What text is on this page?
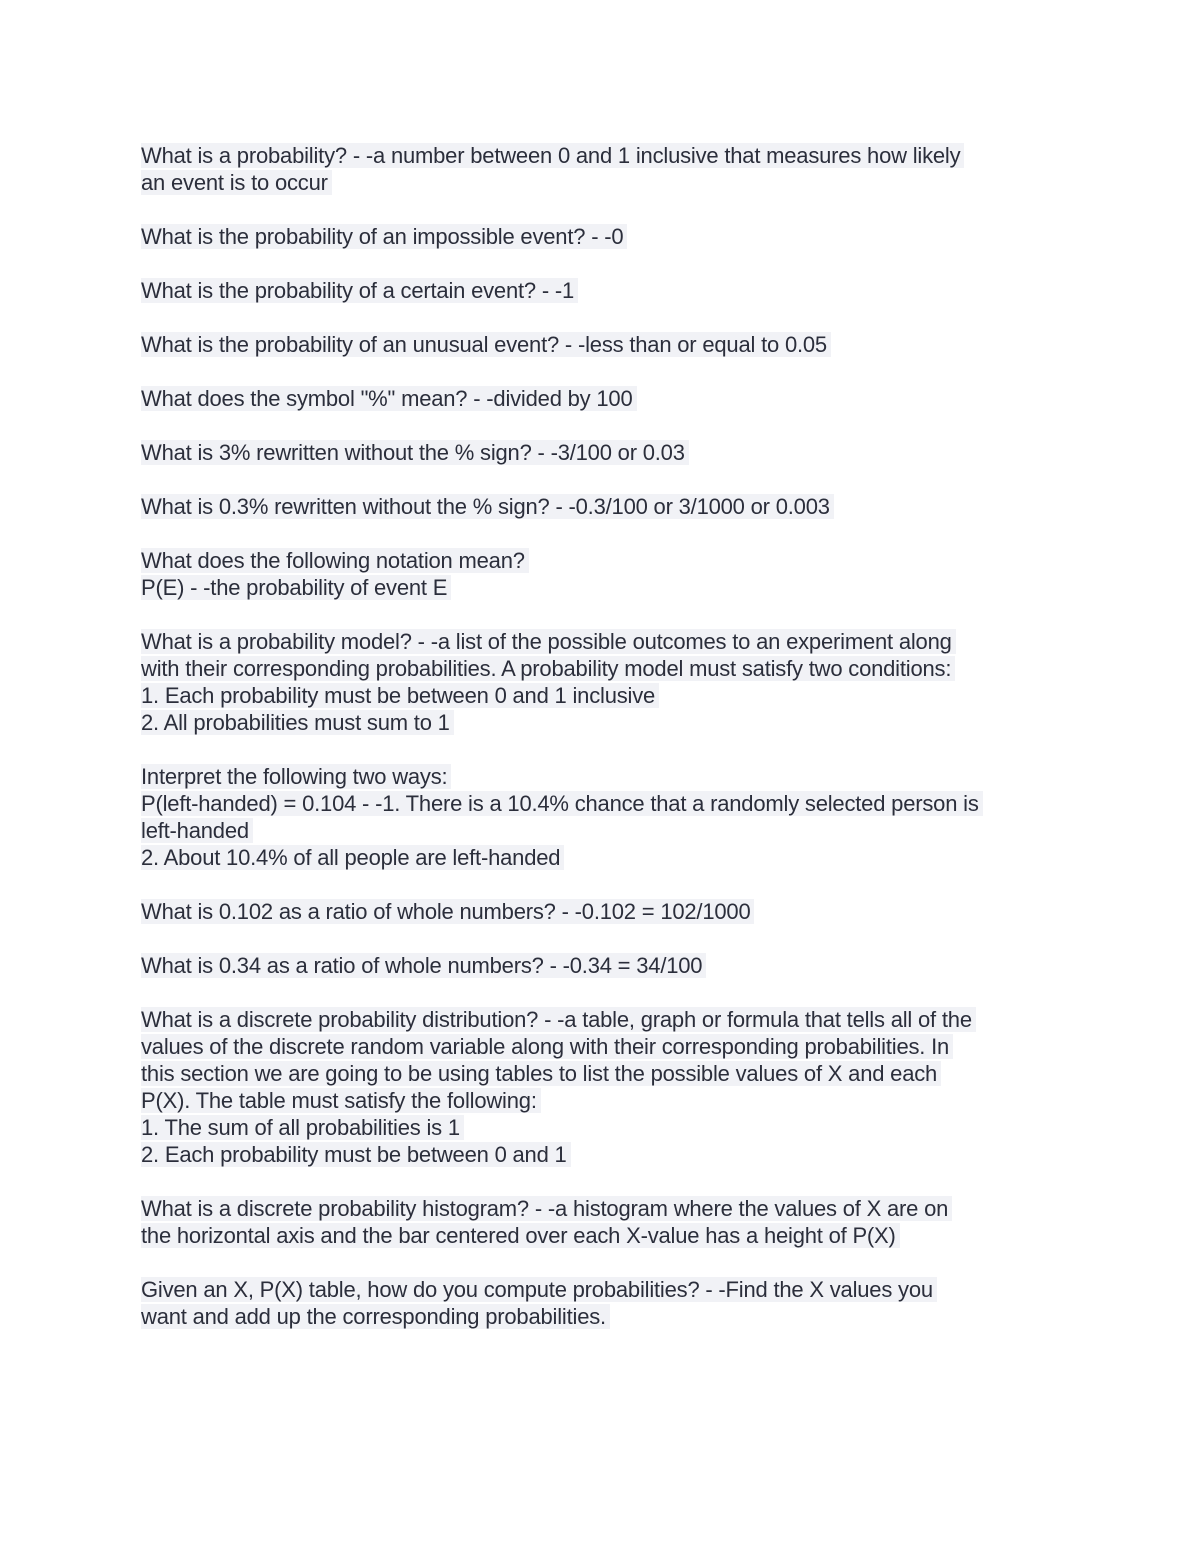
What is a probability? - -a number between 0 and 1 inclusive that measures how likely
an event is to occur
What is the probability of an impossible event? - -0
What is the probability of a certain event? - -1
What is the probability of an unusual event? - -less than or equal to 0.05
What does the symbol "%" mean? - -divided by 100
What is 3% rewritten without the % sign? - -3/100 or 0.03
What is 0.3% rewritten without the % sign? - -0.3/100 or 3/1000 or 0.003
What does the following notation mean?
P(E) - -the probability of event E
What is a probability model? - -a list of the possible outcomes to an experiment along
with their corresponding probabilities. A probability model must satisfy two conditions:
1. Each probability must be between 0 and 1 inclusive
2. All probabilities must sum to 1
Interpret the following two ways:
P(left-handed) = 0.104 - -1. There is a 10.4% chance that a randomly selected person is
left-handed
2. About 10.4% of all people are left-handed
What is 0.102 as a ratio of whole numbers? - -0.102 = 102/1000
What is 0.34 as a ratio of whole numbers? - -0.34 = 34/100
What is a discrete probability distribution? - -a table, graph or formula that tells all of the
values of the discrete random variable along with their corresponding probabilities. In
this section we are going to be using tables to list the possible values of X and each
P(X). The table must satisfy the following:
1. The sum of all probabilities is 1
2. Each probability must be between 0 and 1
What is a discrete probability histogram? - -a histogram where the values of X are on
the horizontal axis and the bar centered over each X-value has a height of P(X)
Given an X, P(X) table, how do you compute probabilities? - -Find the X values you
want and add up the corresponding probabilities.
